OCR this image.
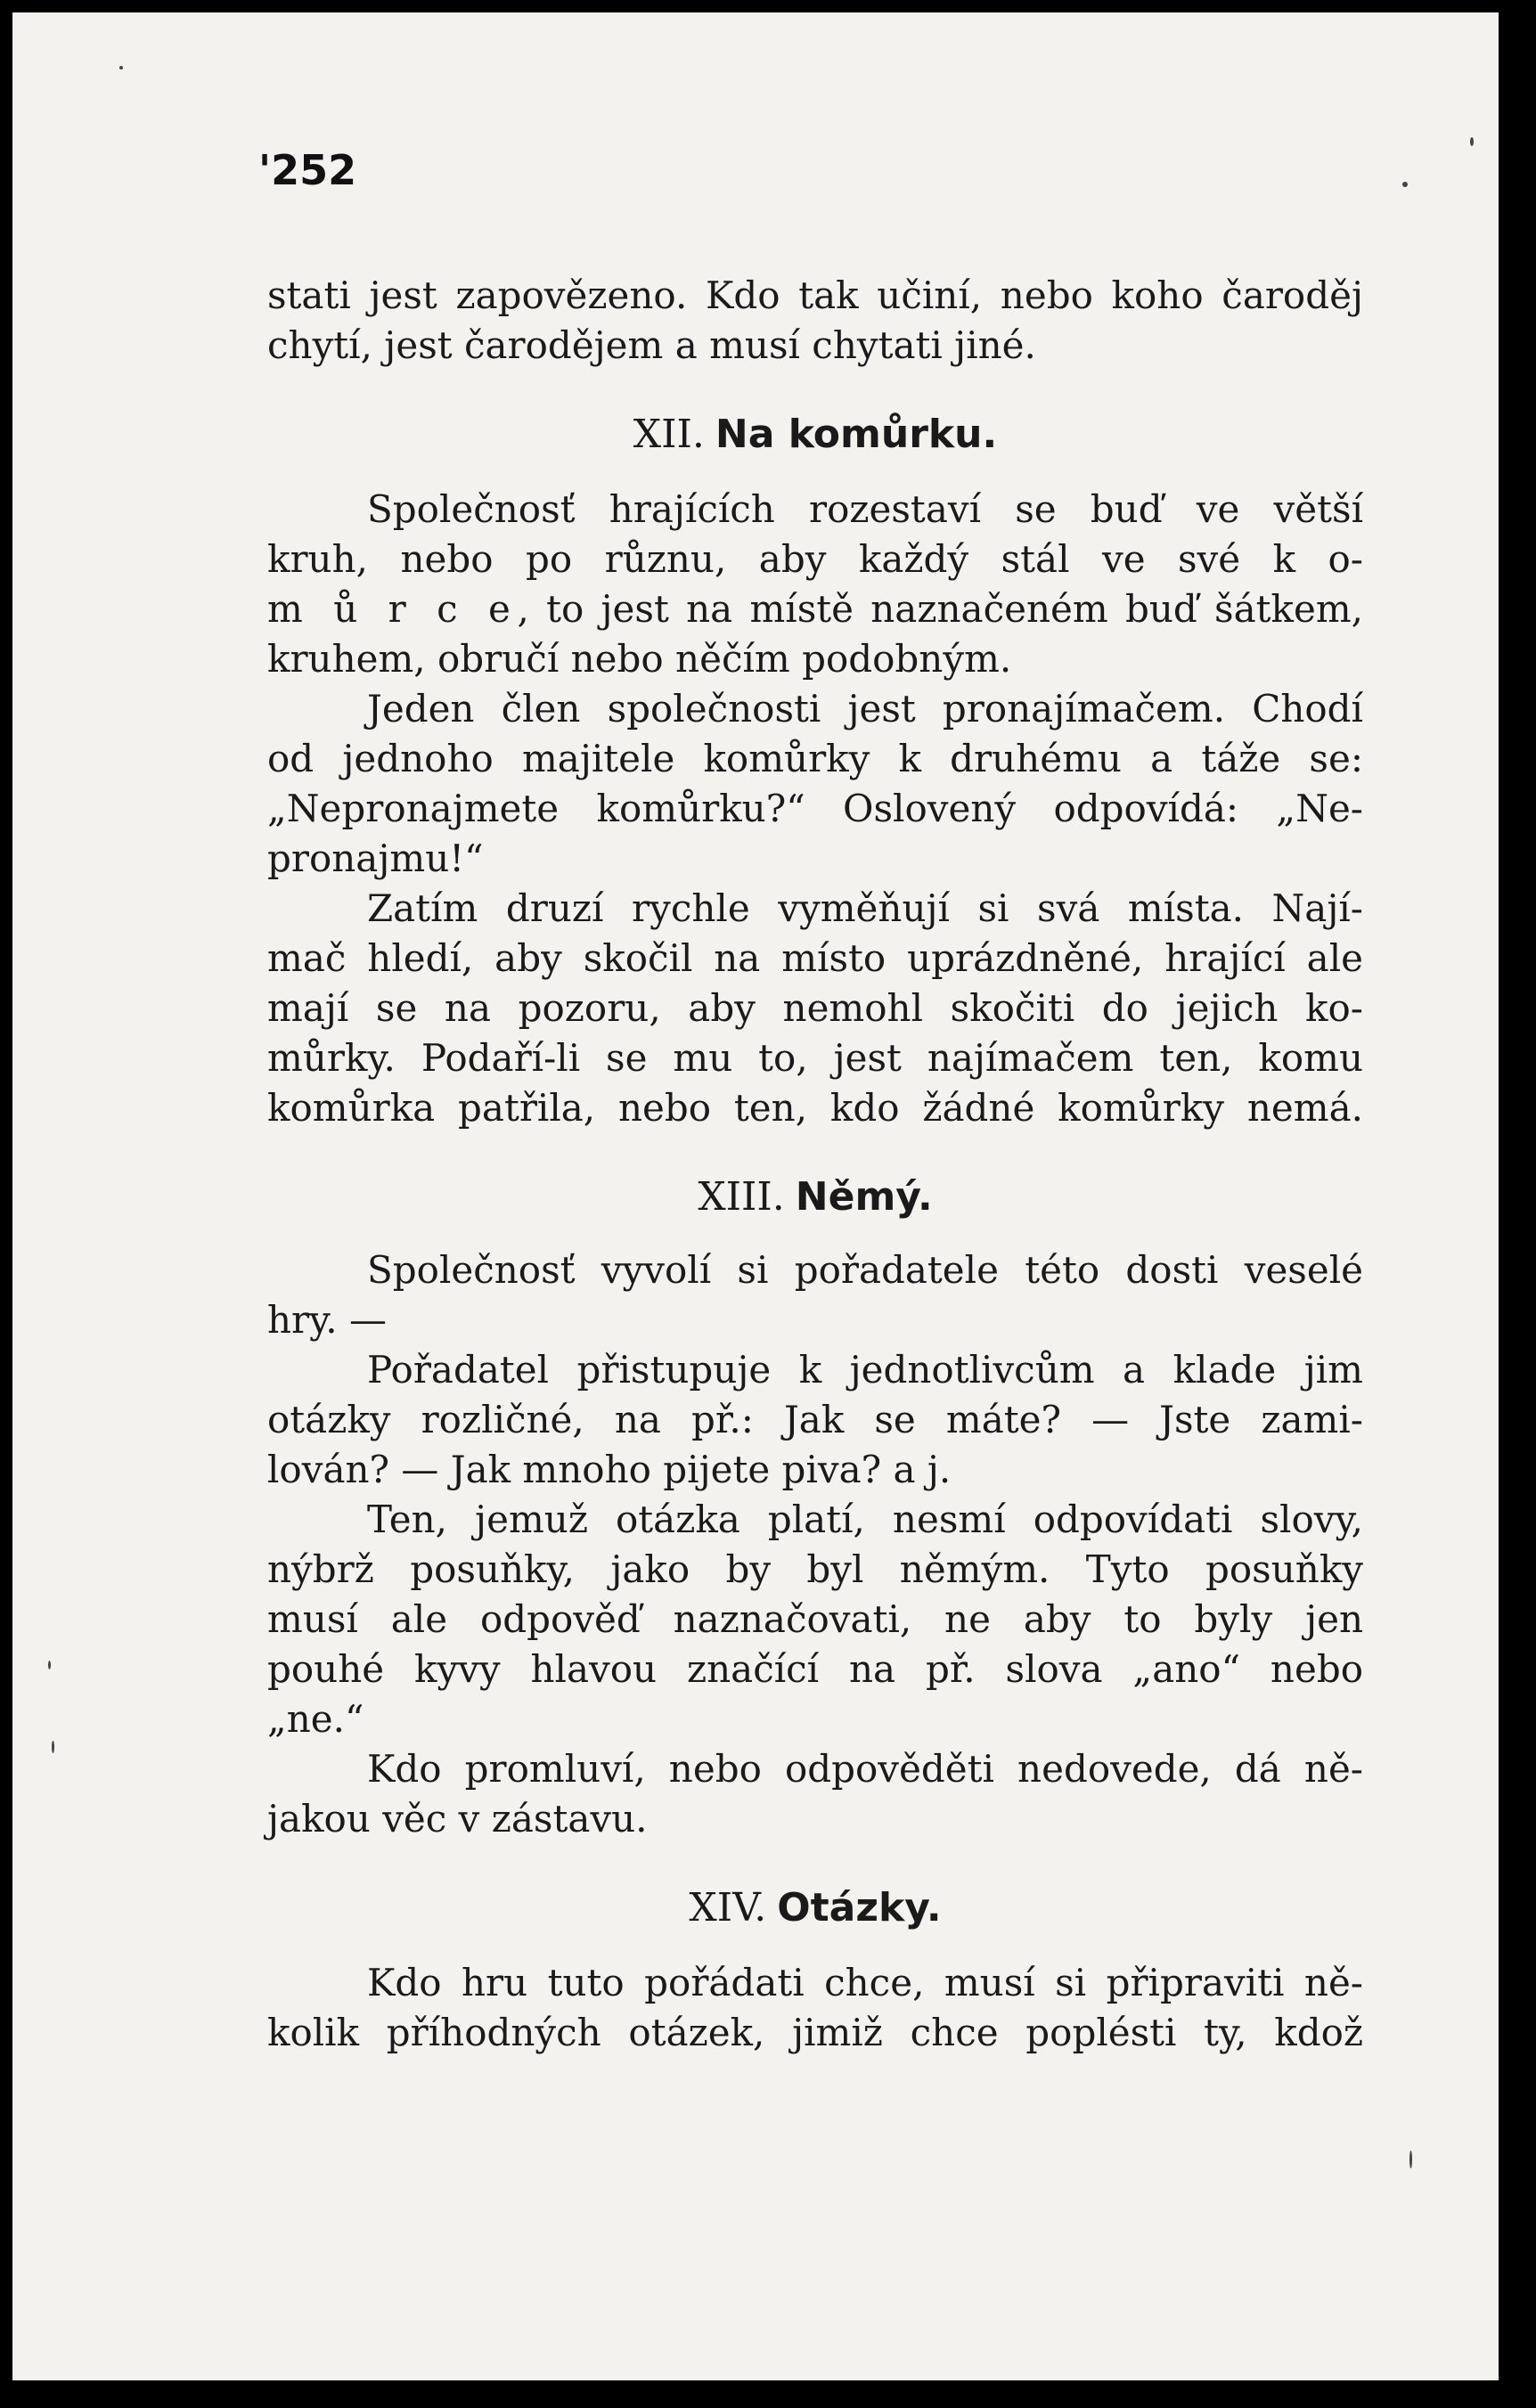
'252
stati jest zapovězeno. Kdo tak učiní, nebo koho čaroděj
chytí, jest čarodějem a musí chytati jiné.
XII. Na komůrku.
Společnosť hrajících rozestaví se buď ve větší
kruh, nebo po různu, aby každý stál ve své k o-
m ů r c e, to jest na místě naznačeném buď šátkem,
kruhem, obručí nebo něčím podobným.
Jeden člen společnosti jest pronajímačem. Chodí
od jednoho majitele komůrky k druhému a táže se:
„Nepronajmete komůrku?“ Oslovený odpovídá: „Ne-
pronajmu!“
Zatím druzí rychle vyměňují si svá místa. Nají-
mač hledí, aby skočil na místo uprázdněné, hrající ale
mají se na pozoru, aby nemohl skočiti do jejich ko-
můrky. Podaří-li se mu to, jest najímačem ten, komu
komůrka patřila, nebo ten, kdo žádné komůrky nemá.
XIII. Němý.
Společnosť vyvolí si pořadatele této dosti veselé
hry. —
Pořadatel přistupuje k jednotlivcům a klade jim
otázky rozličné, na př.: Jak se máte? — Jste zami-
lován? — Jak mnoho pijete piva? a j.
Ten, jemuž otázka platí, nesmí odpovídati slovy,
nýbrž posuňky, jako by byl němým. Tyto posuňky
musí ale odpověď naznačovati, ne aby to byly jen
pouhé kyvy hlavou značící na př. slova „ano“ nebo
„ne.“
Kdo promluví, nebo odpověděti nedovede, dá ně-
jakou věc v zástavu.
XIV. Otázky.
Kdo hru tuto pořádati chce, musí si připraviti ně-
kolik příhodných otázek, jimiž chce poplésti ty, kdož
